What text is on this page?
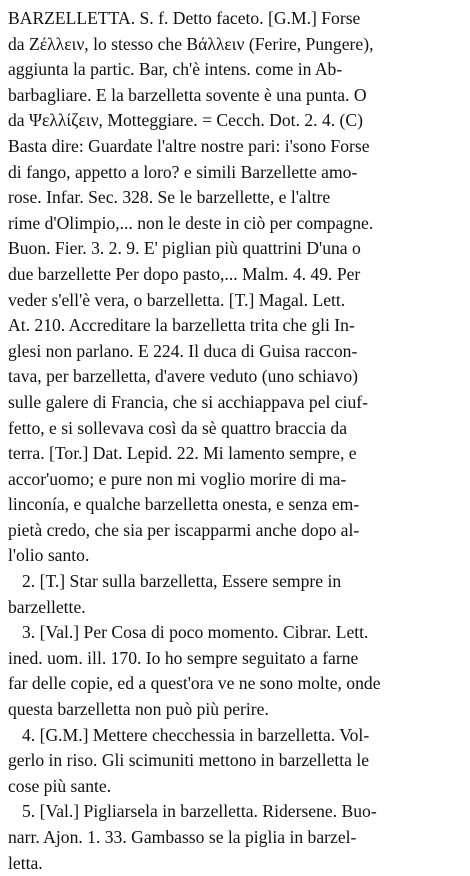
BARZELLETTA. S. f. Detto faceto. [G.M.] Forse
da Ζέλλειν, lo stesso che Βάλλειν (Ferire, Pungere),
aggiunta la partic. Bar, ch'è intens. come in Ab-
barbagliare. E la barzelletta sovente è una punta. O
da Ψελλίζειν, Motteggiare. = Cecch. Dot. 2. 4. (C)
Basta dire: Guardate l'altre nostre pari: i'sono Forse
di fango, appetto a loro? e simili Barzellette amo-
rose. Infar. Sec. 328. Se le barzellette, e l'altre
rime d'Olimpio,... non le deste in ciò per compagne.
Buon. Fier. 3. 2. 9. E' piglian più quattrini D'una o
due barzellette Per dopo pasto,... Malm. 4. 49. Per
veder s'ell'è vera, o barzelletta. [T.] Magal. Lett.
At. 210. Accreditare la barzelletta trita che gli In-
glesi non parlano. E 224. Il duca di Guisa raccon-
tava, per barzelletta, d'avere veduto (uno schiavo)
sulle galere di Francia, che si acchiappava pel ciuf-
fetto, e si sollevava così da sè quattro braccia da
terra. [Tor.] Dat. Lepid. 22. Mi lamento sempre, e
accor'uomo; e pure non mi voglio morire di ma-
linconía, e qualche barzelletta onesta, e senza em-
pietà credo, che sia per iscapparmi anche dopo al-
l'olio santo.
2. [T.] Star sulla barzelletta, Essere sempre in
barzellette.
3. [Val.] Per Cosa di poco momento. Cibrar. Lett.
ined. uom. ill. 170. Io ho sempre seguitato a farne
far delle copie, ed a quest'ora ve ne sono molte, onde
questa barzelletta non può più perire.
4. [G.M.] Mettere checchessia in barzelletta. Vol-
gerlo in riso. Gli scimuniti mettono in barzelletta le
cose più sante.
5. [Val.] Pigliarsela in barzelletta. Ridersene. Buo-
narr. Ajon. 1. 33. Gambasso se la piglia in barzel-
letta.
